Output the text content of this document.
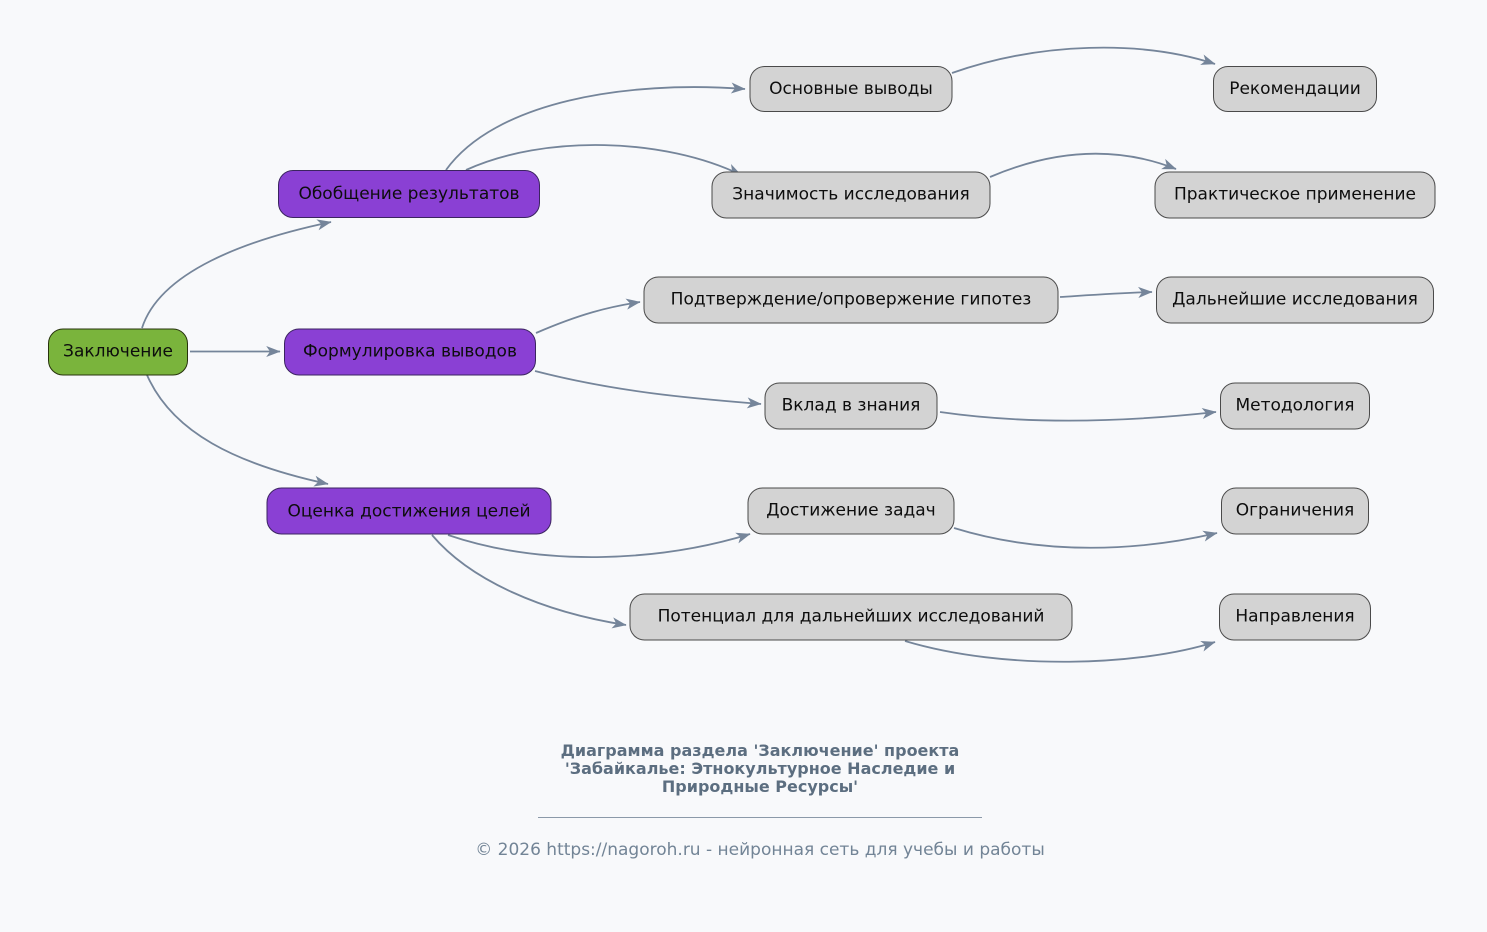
Заключение
Обобщение результатов
Формулировка выводов
Оценка достижения целей
Основные выводы
Значимость исследования
Подтверждение/опровержение гипотез
Вклад в знания
Достижение задач
Потенциал для дальнейших исследований
Рекомендации
Практическое применение
Дальнейшие исследования
Методология
Ограничения
Направления
Диаграмма раздела 'Заключение' проекта
'Забайкалье: Этнокультурное Наследие и
Природные Ресурсы'
© 2026 https://nagoroh.ru - нейронная сеть для учебы и работы
